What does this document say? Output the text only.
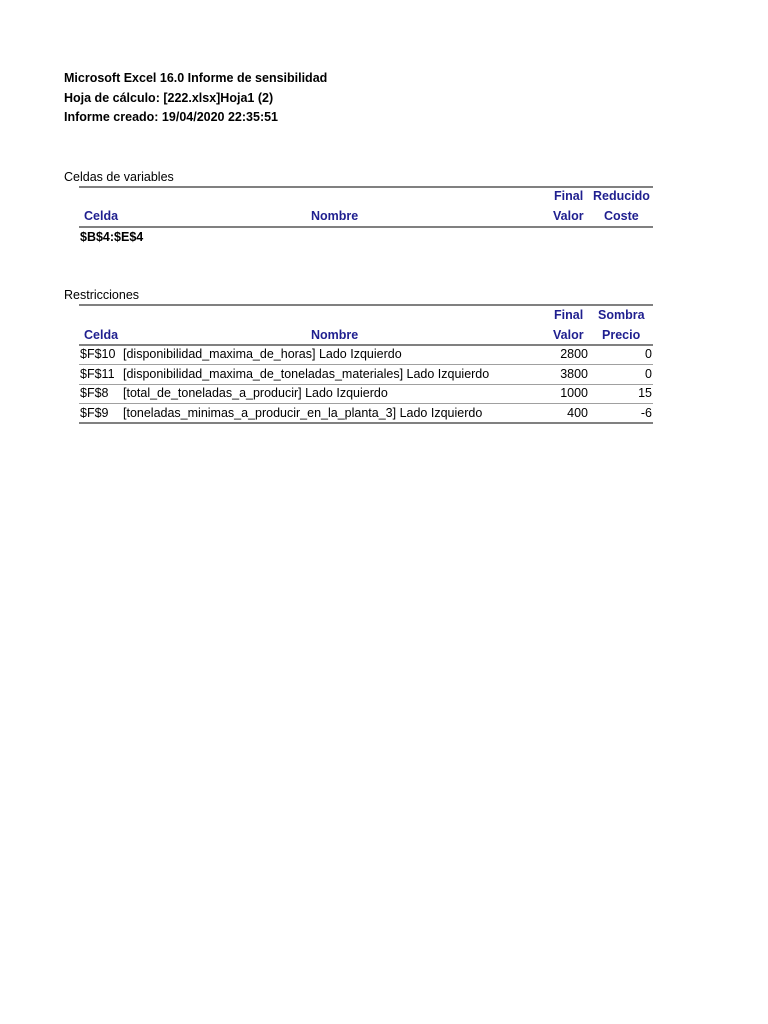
Microsoft Excel 16.0 Informe de sensibilidad
Hoja de cálculo: [222.xlsx]Hoja1 (2)
Informe creado: 19/04/2020 22:35:51
Celdas de variables
Final Reducido
Celda	Nombre	Valor Coste
$B$4:$E$4
Restricciones
Final Sombra
Celda	Nombre	Valor Precio
$F$10 [disponibilidad_maxima_de_horas] Lado Izquierdo	2800	0
$F$11 [disponibilidad_maxima_de_toneladas_materiales] Lado Izquierdo	3800	0
$F$8 [total_de_toneladas_a_producir] Lado Izquierdo	1000	15
$F$9 [toneladas_minimas_a_producir_en_la_planta_3] Lado Izquierdo	400	-6
